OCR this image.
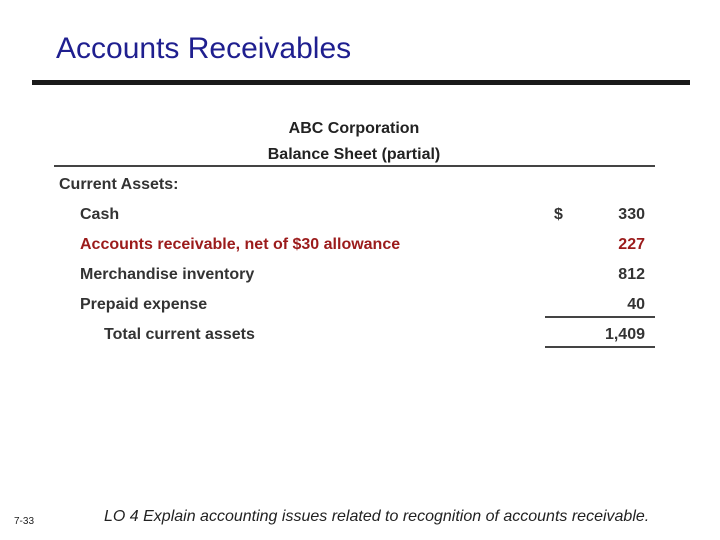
Accounts Receivables
ABC Corporation
Balance Sheet (partial)
Current Assets:
Cash	$	330
Accounts receivable, net of $30 allowance	227
Merchandise inventory	812
Prepaid expense	40
Total current assets	1,409
7-33	LO 4 Explain accounting issues related to recognition of accounts receivable.
